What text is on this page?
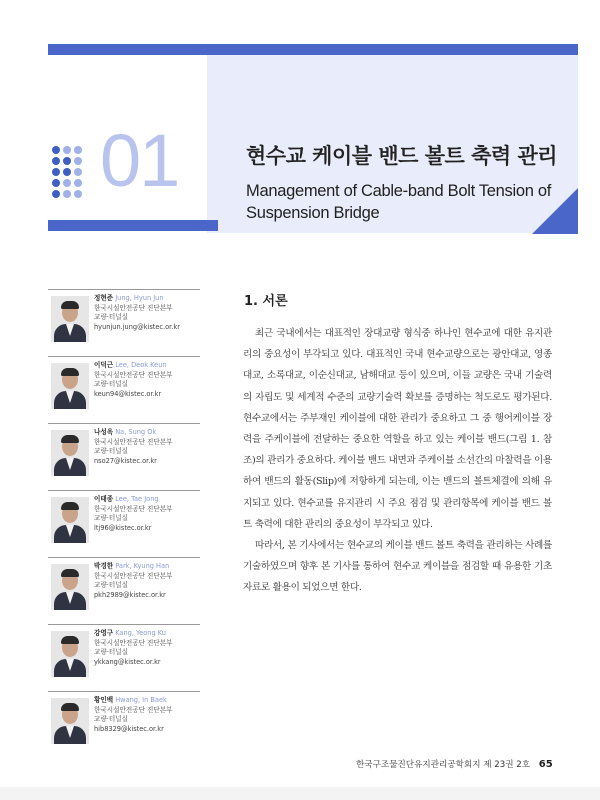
01	현수교 케이블 밴드 볼트 축력 관리
Management of Cable-band Bolt Tension of Suspension Bridge
정현준 Jung, Hyun Jun
한국시설안전공단 진단본부
교량·터널실
hyunjun.jung@kistec.or.kr
이덕근 Lee, Deok Keun
한국시설안전공단 진단본부
교량·터널실
keun94@kistec.or.kr
나성옥 Na, Sung Ok
한국시설안전공단 진단본부
교량·터널실
nso27@kistec.or.kr
이태종 Lee, Tae Jong
한국시설안전공단 진단본부
교량·터널실
ltj96@kistec.or.kr
박경한 Park, Kyung Han
한국시설안전공단 진단본부
교량·터널실
pkh2989@kistec.or.kr
강영구 Kang, Yeong Ku
한국시설안전공단 진단본부
교량·터널실
ykkang@kistec.or.kr
황인백 Hwang, In Baek
한국시설안전공단 진단본부
교량·터널실
hib8329@kistec.or.kr
1. 서론

최근 국내에서는 대표적인 장대교량 형식중 하나인 현수교에 대한 유지관리의 중요성이 부각되고 있다. 대표적인 국내 현수교량으로는 광안대교, 영종대교, 소록대교, 이순신대교, 남해대교 등이 있으며, 이들 교량은 국내 기술력의 자립도 및 세계적 수준의 교량기술력 확보를 증명하는 척도로도 평가된다. 현수교에서는 주부재인 케이블에 대한 관리가 중요하고 그 중 행어케이블 장력을 주케이블에 전달하는 중요한 역할을 하고 있는 케이블 밴드(그림 1. 참조)의 관리가 중요하다. 케이블 밴드 내면과 주케이블 소선간의 마찰력을 이용하여 밴드의 활동(Slip)에 저항하게 되는데, 이는 밴드의 볼트체결에 의해 유지되고 있다. 현수교를 유지관리 시 주요 점검 및 관리항목에 케이블 밴드 볼트 축력에 대한 관리의 중요성이 부각되고 있다.

따라서, 본 기사에서는 현수교의 케이블 밴드 볼트 축력을 관리하는 사례를 기술하였으며 향후 본 기사를 통하여 현수교 케이블을 점검할 때 유용한 기초자료로 활용이 되었으면 한다.

한국구조물진단유지관리공학회지 제 23권 2호 65
